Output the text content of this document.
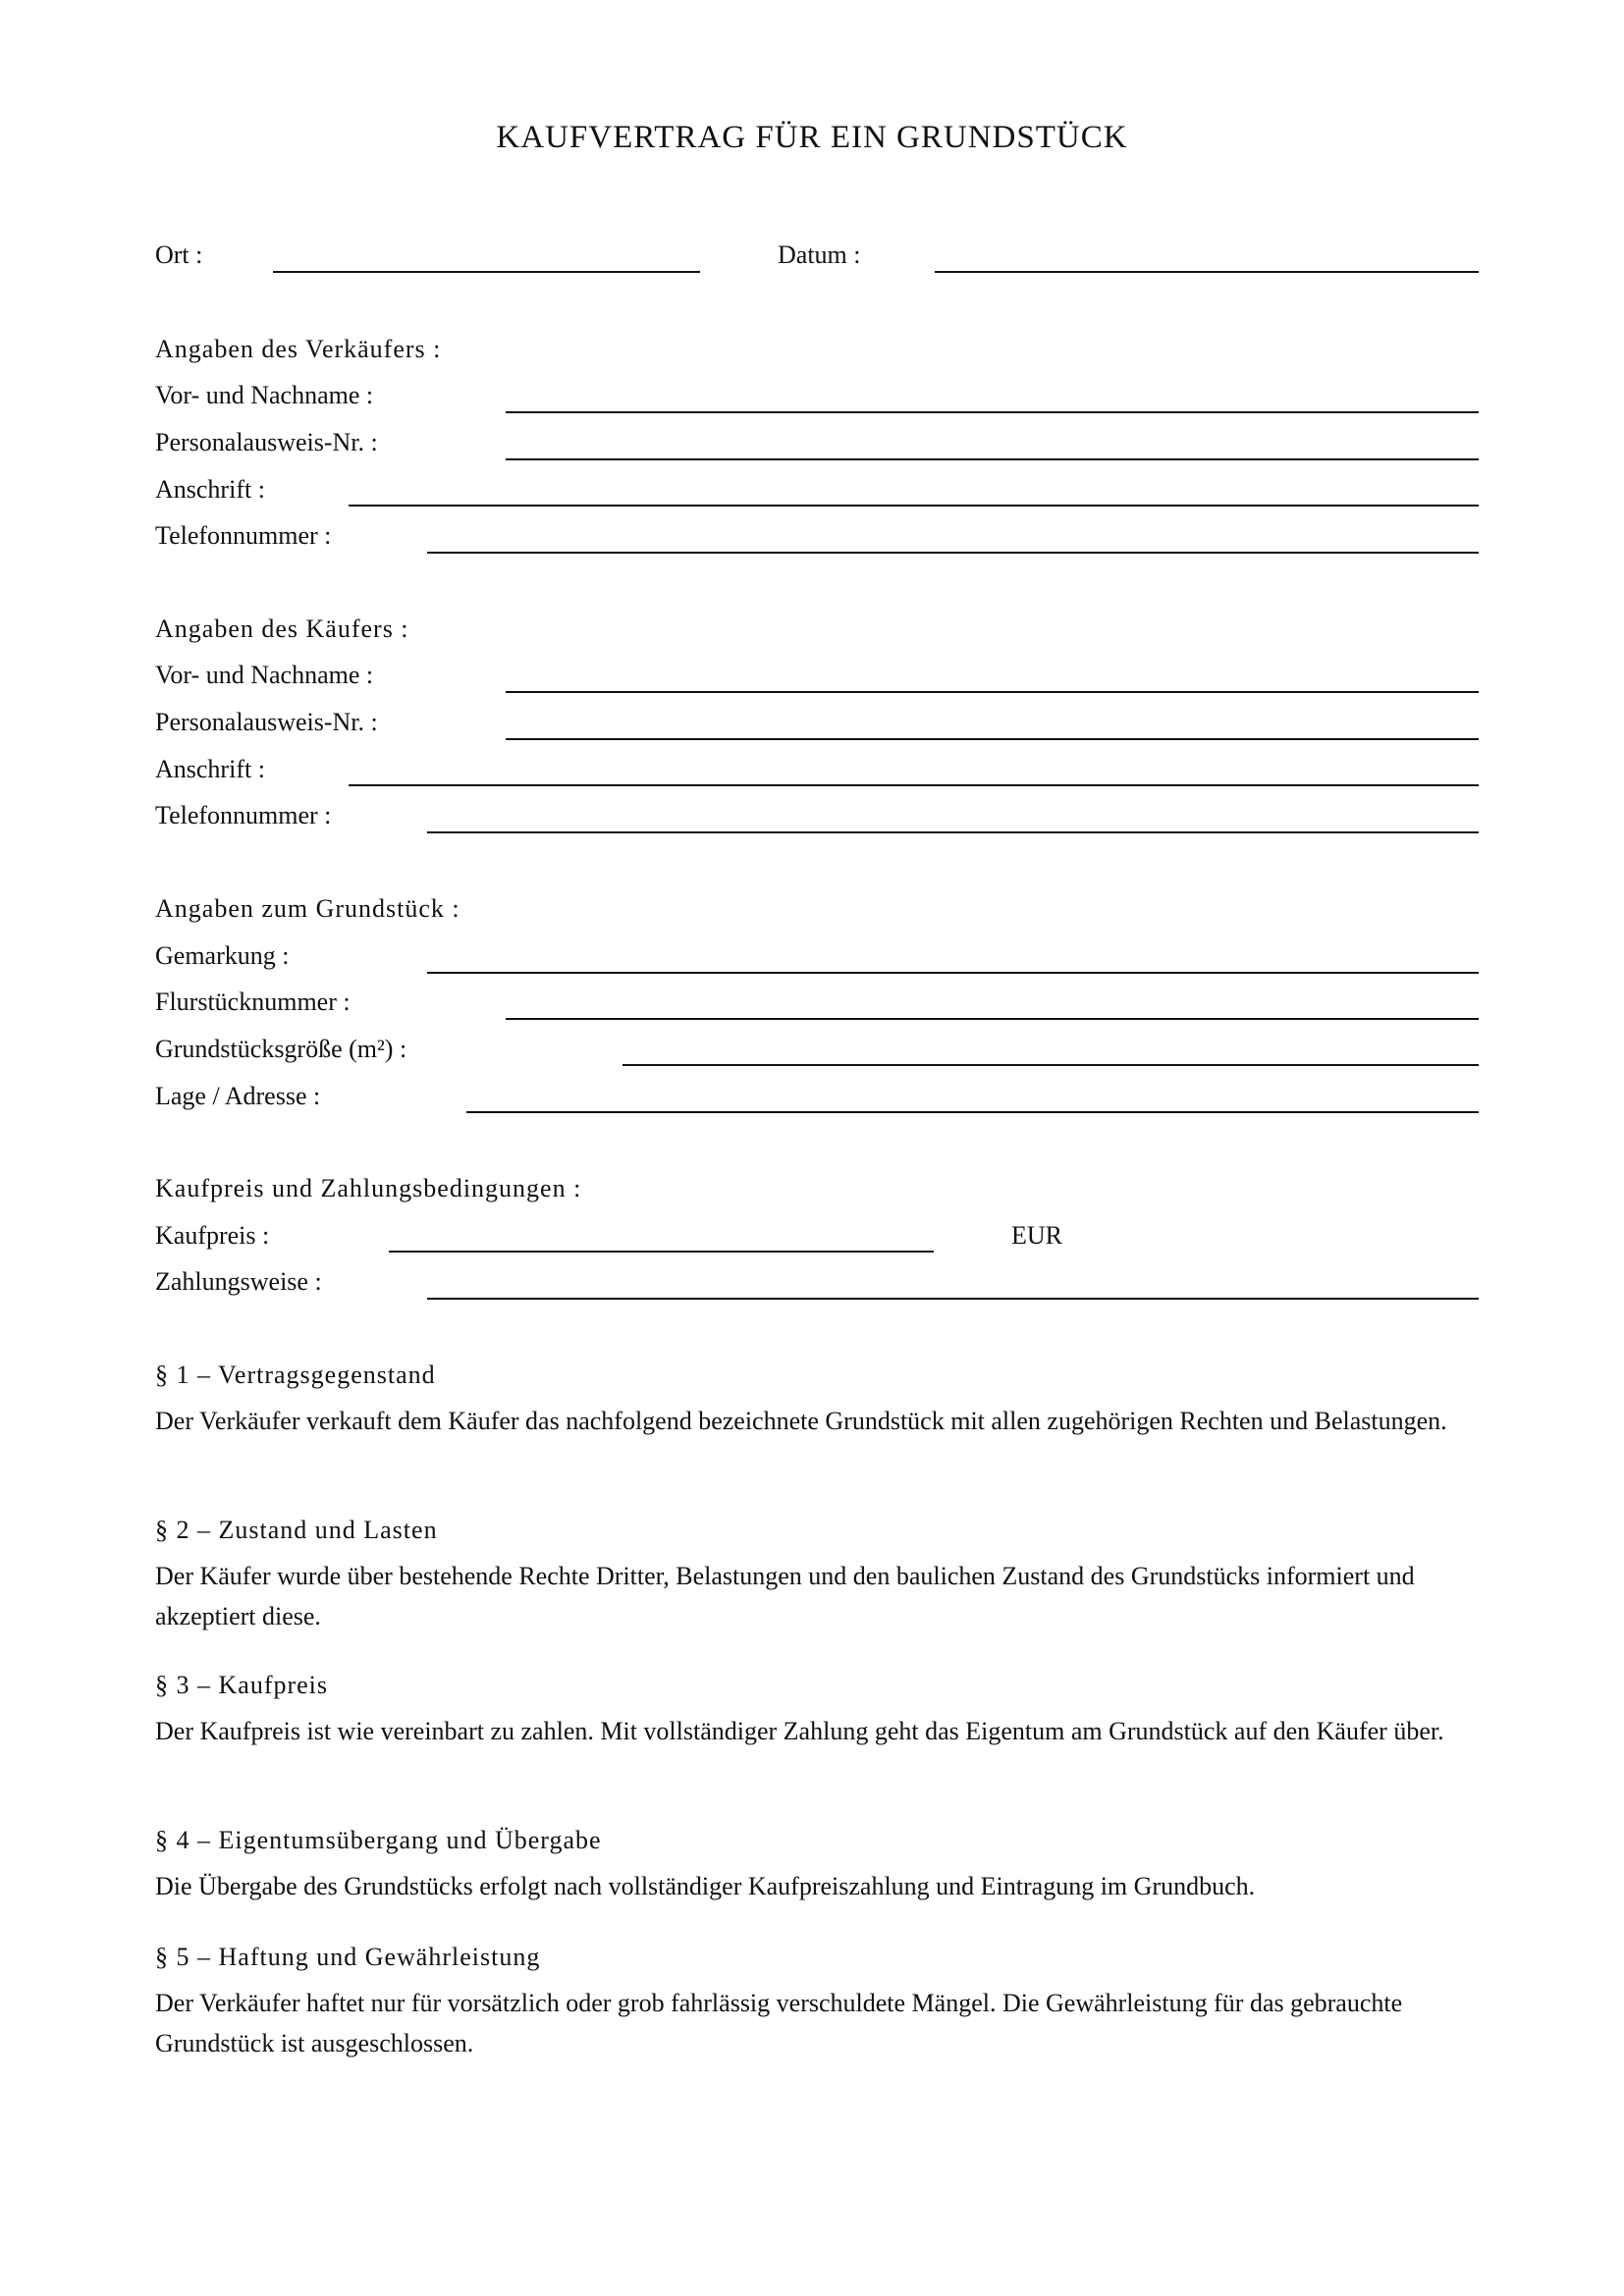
KAUFVERTRAG FÜR EIN GRUNDSTÜCK
Ort :	Datum :
Angaben des Verkäufers :
Vor- und Nachname :
Personalausweis-Nr. :
Anschrift :
Telefonnummer :
Angaben des Käufers :
Vor- und Nachname :
Personalausweis-Nr. :
Anschrift :
Telefonnummer :
Angaben zum Grundstück :
Gemarkung :
Flurstücknummer :
Grundstücksgröße (m²) :
Lage / Adresse :
Kaufpreis und Zahlungsbedingungen :
Kaufpreis :	EUR
Zahlungsweise :
§ 1 – Vertragsgegenstand
Der Verkäufer verkauft dem Käufer das nachfolgend bezeichnete Grundstück mit allen zugehörigen Rechten und Belastungen.
§ 2 – Zustand und Lasten
Der Käufer wurde über bestehende Rechte Dritter, Belastungen und den baulichen Zustand des Grundstücks informiert und akzeptiert diese.
§ 3 – Kaufpreis
Der Kaufpreis ist wie vereinbart zu zahlen. Mit vollständiger Zahlung geht das Eigentum am Grundstück auf den Käufer über.
§ 4 – Eigentumsübergang und Übergabe
Die Übergabe des Grundstücks erfolgt nach vollständiger Kaufpreiszahlung und Eintragung im Grundbuch.
§ 5 – Haftung und Gewährleistung
Der Verkäufer haftet nur für vorsätzlich oder grob fahrlässig verschuldete Mängel. Die Gewährleistung für das gebrauchte Grundstück ist ausgeschlossen.
